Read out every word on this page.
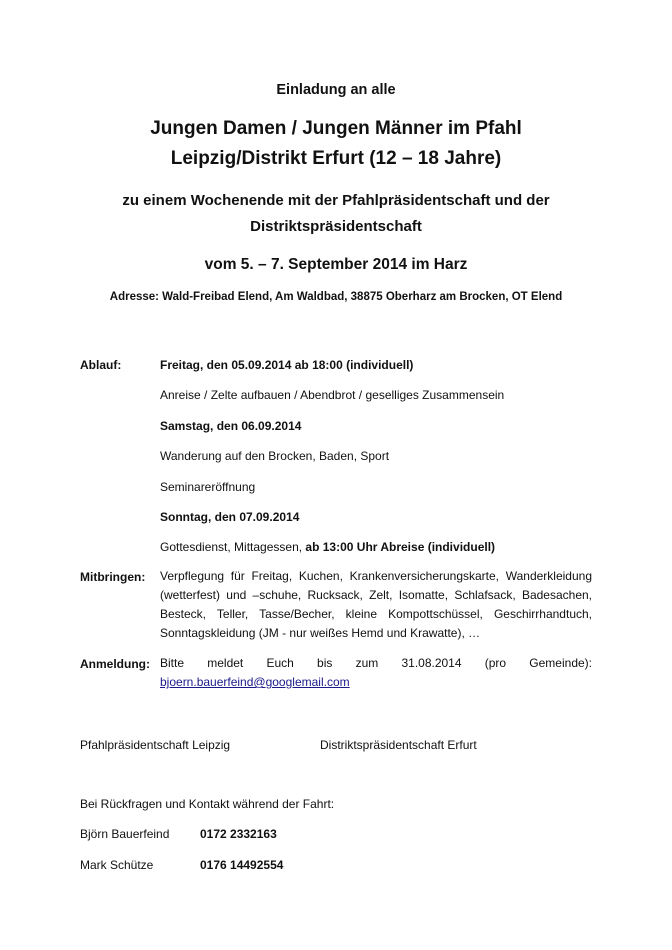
Einladung an alle
Jungen Damen / Jungen Männer im Pfahl
Leipzig/Distrikt Erfurt (12 – 18 Jahre)
zu einem Wochenende mit der Pfahlpräsidentschaft und der
Distriktspräsidentschaft
vom 5. – 7. September 2014 im Harz
Adresse: Wald-Freibad Elend, Am Waldbad, 38875 Oberharz am Brocken, OT Elend
Ablauf:	Freitag, den 05.09.2014 ab 18:00 (individuell)
Anreise / Zelte aufbauen / Abendbrot / geselliges Zusammensein
Samstag, den 06.09.2014
Wanderung auf den Brocken, Baden, Sport
Seminareröffnung
Sonntag, den 07.09.2014
Gottesdienst, Mittagessen, ab 13:00 Uhr Abreise (individuell)
Mitbringen: Verpflegung für Freitag, Kuchen, Krankenversicherungskarte, Wanderkleidung (wetterfest) und –schuhe, Rucksack, Zelt, Isomatte, Schlafsack, Badesachen, Besteck, Teller, Tasse/Becher, kleine Kompottschüssel, Geschirrhandtuch, Sonntagskleidung (JM - nur weißes Hemd und Krawatte), …
Anmeldung: Bitte meldet Euch bis zum 31.08.2014 (pro Gemeinde):
bjoern.bauerfeind@googlemail.com
Pfahlpräsidentschaft Leipzig	Distriktspräsidentschaft Erfurt
Bei Rückfragen und Kontakt während der Fahrt:
Björn Bauerfeind	0172 2332163
Mark Schütze	0176 14492554
